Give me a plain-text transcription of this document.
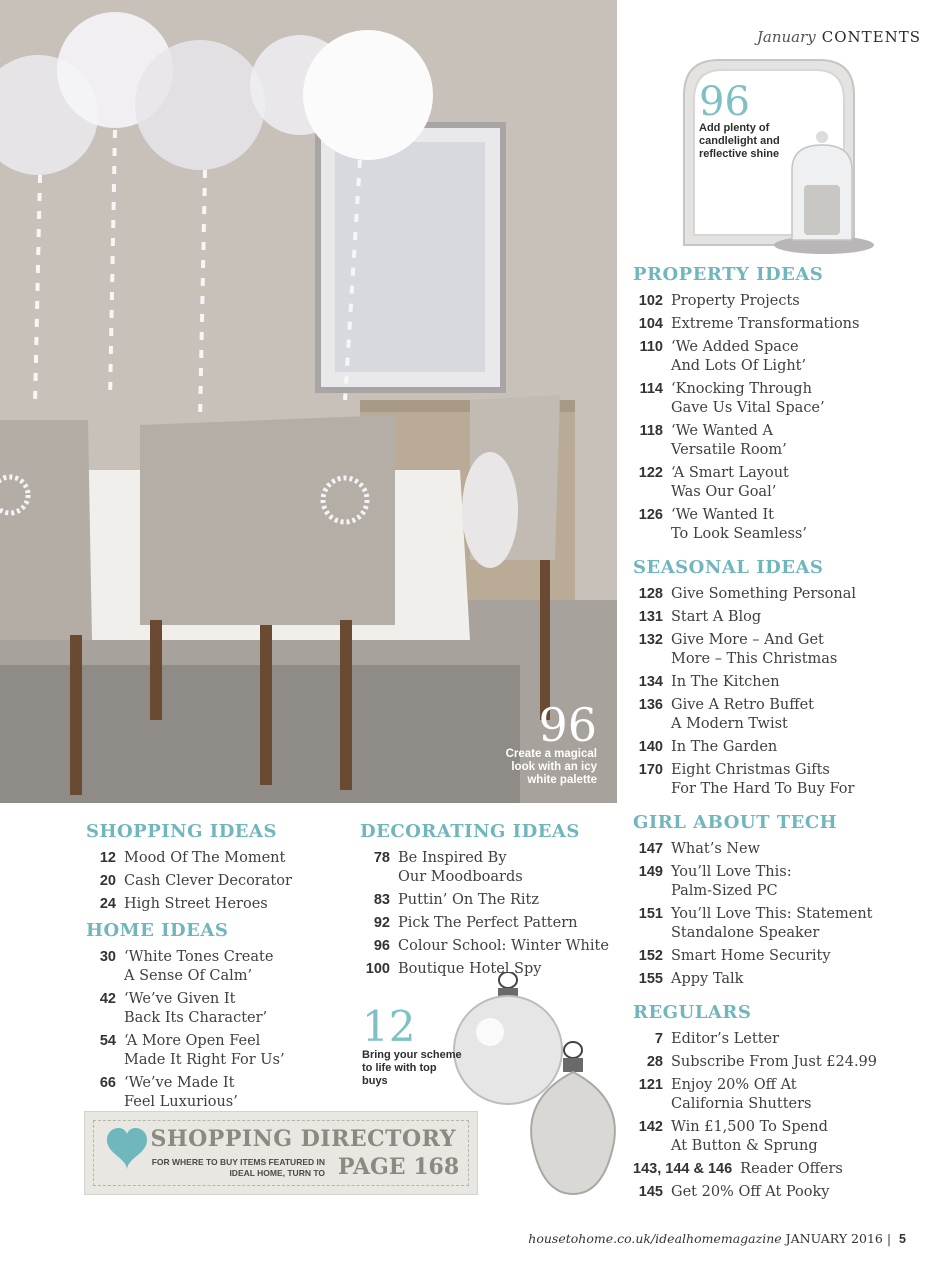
96
Create a magical look with an icy white palette
January CONTENTS
96
Add plenty of candlelight and reflective shine
PROPERTY IDEAS
102 Property Projects
104 Extreme Transformations
110 ‘We Added Space
And Lots Of Light’
114 ‘Knocking Through
Gave Us Vital Space’
118 ‘We Wanted A
Versatile Room’
122 ‘A Smart Layout
Was Our Goal’
126 ‘We Wanted It
To Look Seamless’
SEASONAL IDEAS
128 Give Something Personal
131 Start A Blog
132 Give More – And Get
More – This Christmas
134 In The Kitchen
136 Give A Retro Buffet
A Modern Twist
140 In The Garden
170 Eight Christmas Gifts
For The Hard To Buy For
GIRL ABOUT TECH
147 What’s New
149 You’ll Love This:
Palm-Sized PC
151 You’ll Love This: Statement
Standalone Speaker
152 Smart Home Security
155 Appy Talk
REGULARS
7 Editor’s Letter
28 Subscribe From Just £24.99
121 Enjoy 20% Off At
California Shutters
142 Win £1,500 To Spend
At Button & Sprung
143, 144 & 146 Reader Offers
145 Get 20% Off At Pooky
SHOPPING IDEAS
12 Mood Of The Moment
20 Cash Clever Decorator
24 High Street Heroes
HOME IDEAS
30 ‘White Tones Create
A Sense Of Calm’
42 ‘We’ve Given It
Back Its Character’
54 ‘A More Open Feel
Made It Right For Us’
66 ‘We’ve Made It
Feel Luxurious’
DECORATING IDEAS
78 Be Inspired By
Our Moodboards
83 Puttin’ On The Ritz
92 Pick The Perfect Pattern
96 Colour School: Winter White
100 Boutique Hotel Spy
12
Bring your scheme to life with top buys
SHOPPING DIRECTORY
FOR WHERE TO BUY ITEMS FEATURED IN IDEAL HOME, TURN TO PAGE 168
housetohome.co.uk/idealhomemagazine JANUARY 2016 | 5
